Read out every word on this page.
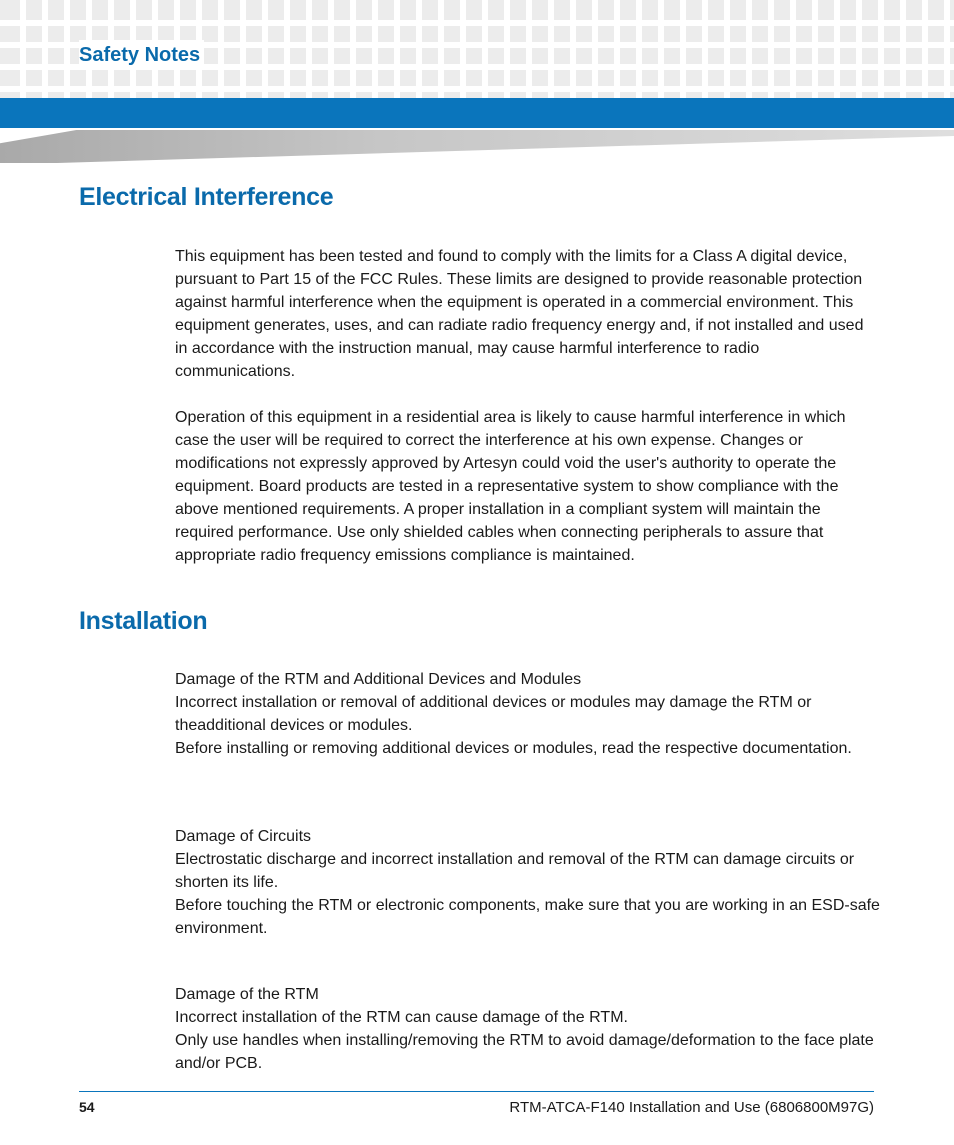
Safety Notes
Electrical Interference

This equipment has been tested and found to comply with the limits for a Class A digital device, pursuant to Part 15 of the FCC Rules. These limits are designed to provide reasonable protection against harmful interference when the equipment is operated in a commercial environment. This equipment generates, uses, and can radiate radio frequency energy and, if not installed and used in accordance with the instruction manual, may cause harmful interference to radio communications.

Operation of this equipment in a residential area is likely to cause harmful interference in which case the user will be required to correct the interference at his own expense. Changes or modifications not expressly approved by Artesyn could void the user's authority to operate the equipment. Board products are tested in a representative system to show compliance with the above mentioned requirements. A proper installation in a compliant system will maintain the required performance. Use only shielded cables when connecting peripherals to assure that appropriate radio frequency emissions compliance is maintained.

Installation

Damage of the RTM and Additional Devices and Modules

Incorrect installation or removal of additional devices or modules may damage the RTM or theadditional devices or modules.

Before installing or removing additional devices or modules, read the respective documentation.

Damage of Circuits

Electrostatic discharge and incorrect installation and removal of the RTM can damage circuits or shorten its life.

Before touching the RTM or electronic components, make sure that you are working in an ESD-safe environment.

Damage of the RTM

Incorrect installation of the RTM can cause damage of the RTM.

Only use handles when installing/removing the RTM to avoid damage/deformation to the face plate and/or PCB.

54	RTM-ATCA-F140 Installation and Use (6806800M97G)
